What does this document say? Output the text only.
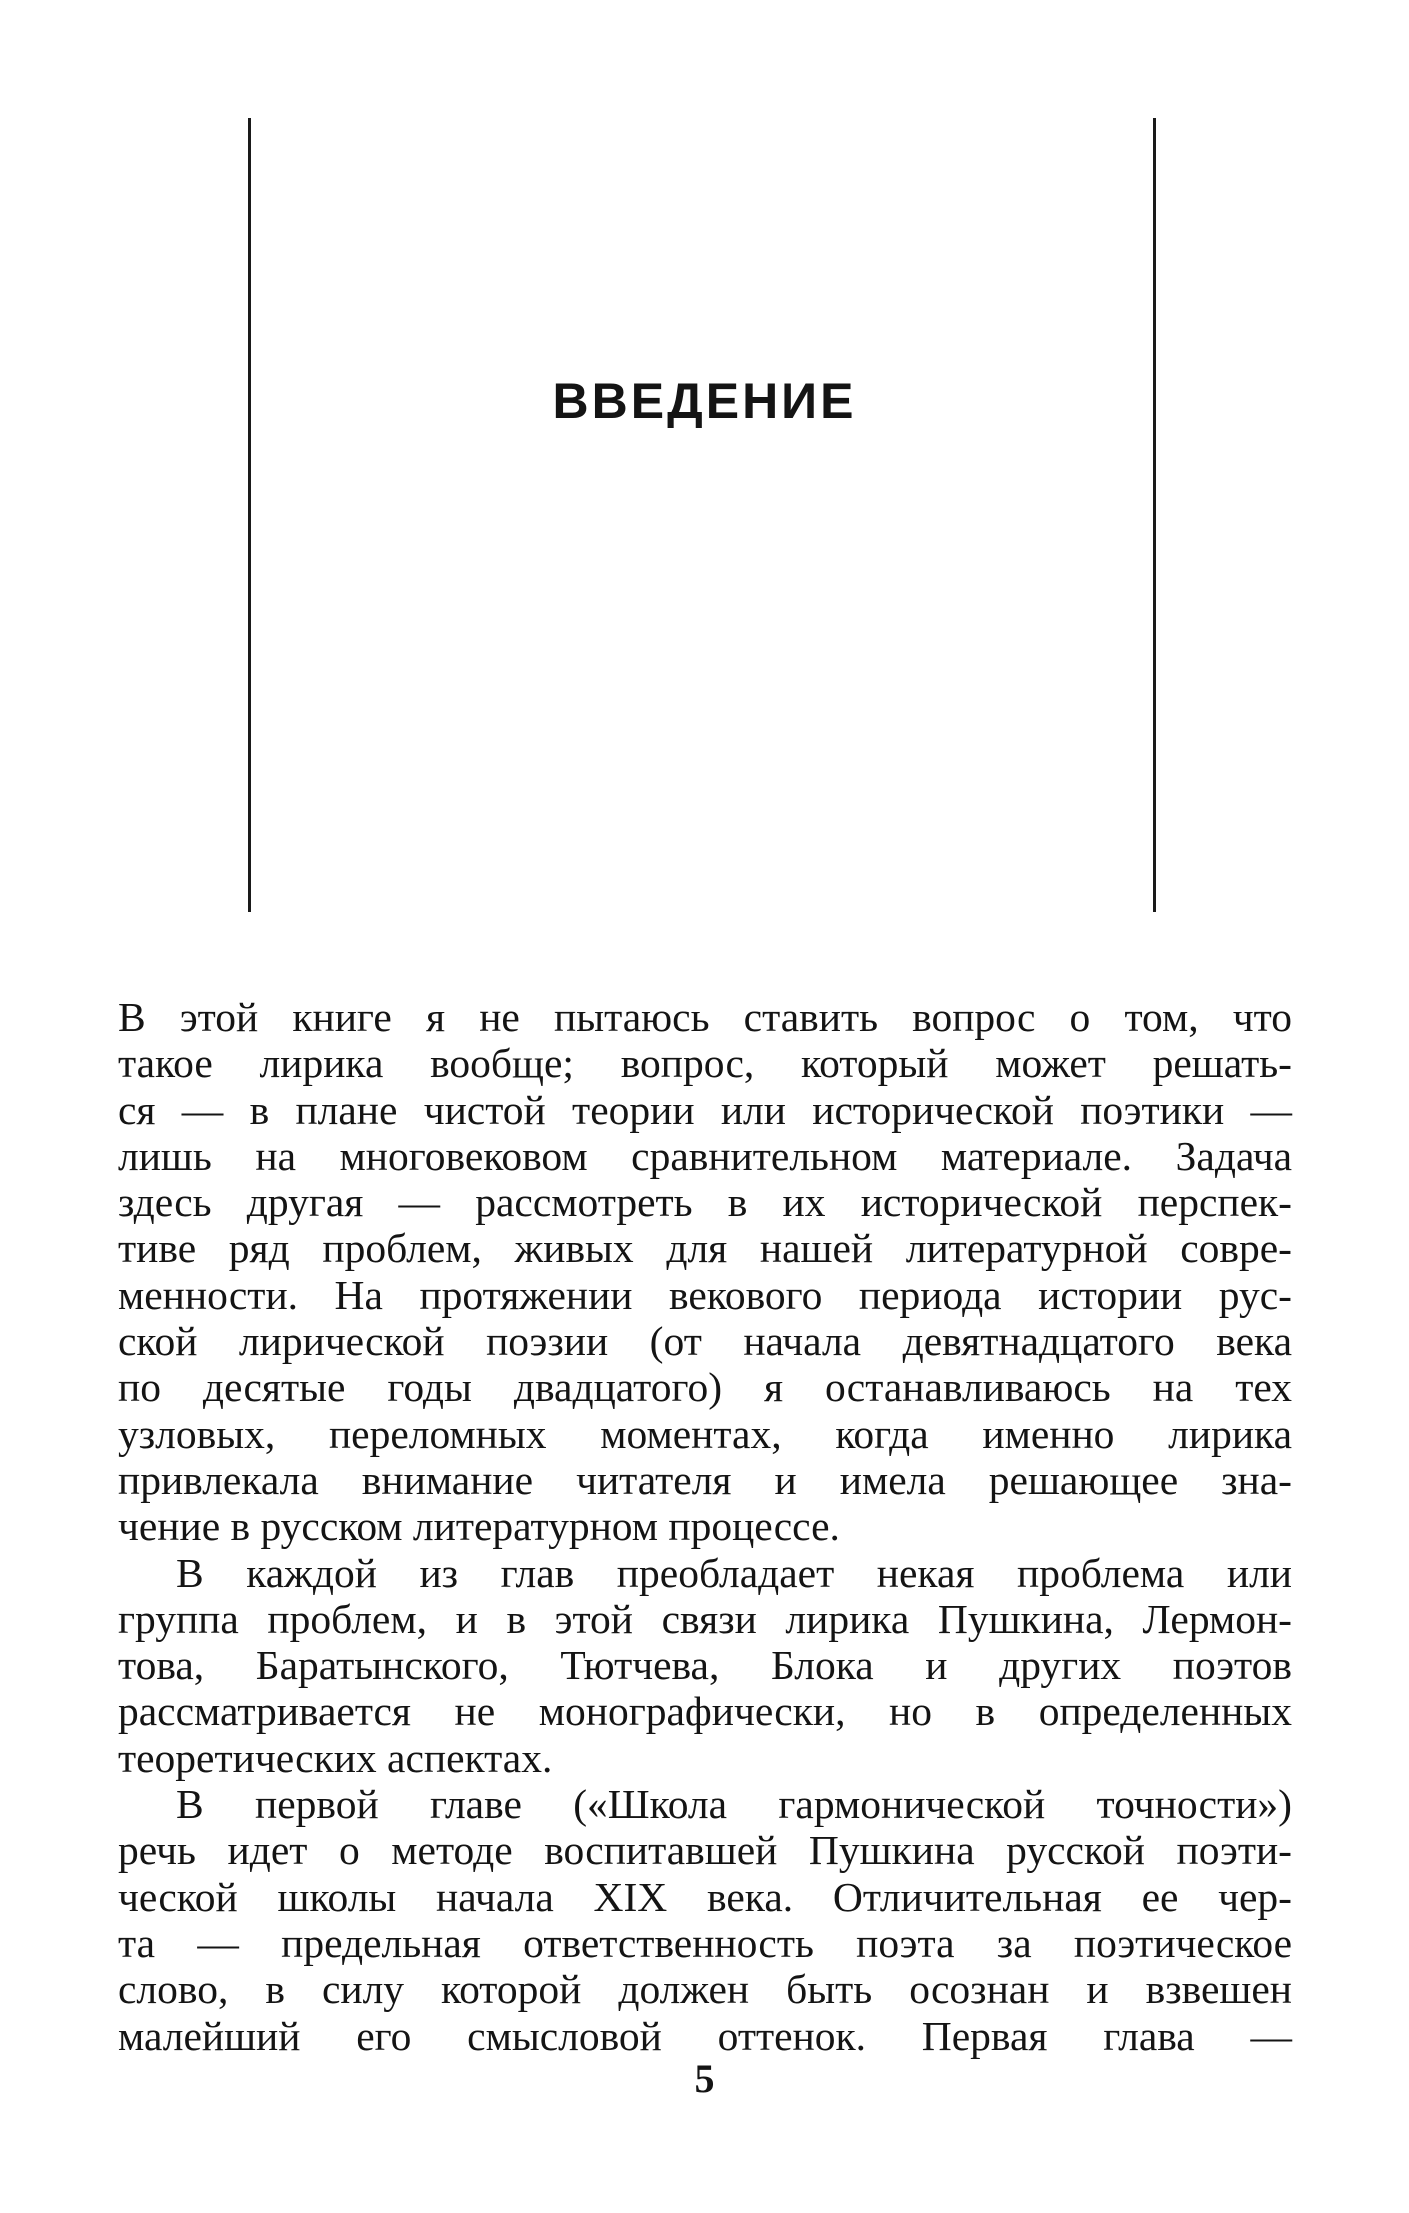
ВВЕДЕНИЕ

В этой книге я не пытаюсь ставить вопрос о том, что
такое лирика вообще; вопрос, который может решать-
ся — в плане чистой теории или исторической поэтики —
лишь на многовековом сравнительном материале. Задача
здесь другая — рассмотреть в их исторической перспек-
тиве ряд проблем, живых для нашей литературной совре-
менности. На протяжении векового периода истории рус-
ской лирической поэзии (от начала девятнадцатого века
по десятые годы двадцатого) я останавливаюсь на тех
узловых, переломных моментах, когда именно лирика
привлекала внимание читателя и имела решающее зна-
чение в русском литературном процессе.

В каждой из глав преобладает некая проблема или
группа проблем, и в этой связи лирика Пушкина, Лермон-
това, Баратынского, Тютчева, Блока и других поэтов
рассматривается не монографически, но в определенных
теоретических аспектах.

В первой главе («Школа гармонической точности»)
речь идет о методе воспитавшей Пушкина русской поэти-
ческой школы начала XIX века. Отличительная ее чер-
та — предельная ответственность поэта за поэтическое
слово, в силу которой должен быть осознан и взвешен
малейший его смысловой оттенок. Первая глава —

5
